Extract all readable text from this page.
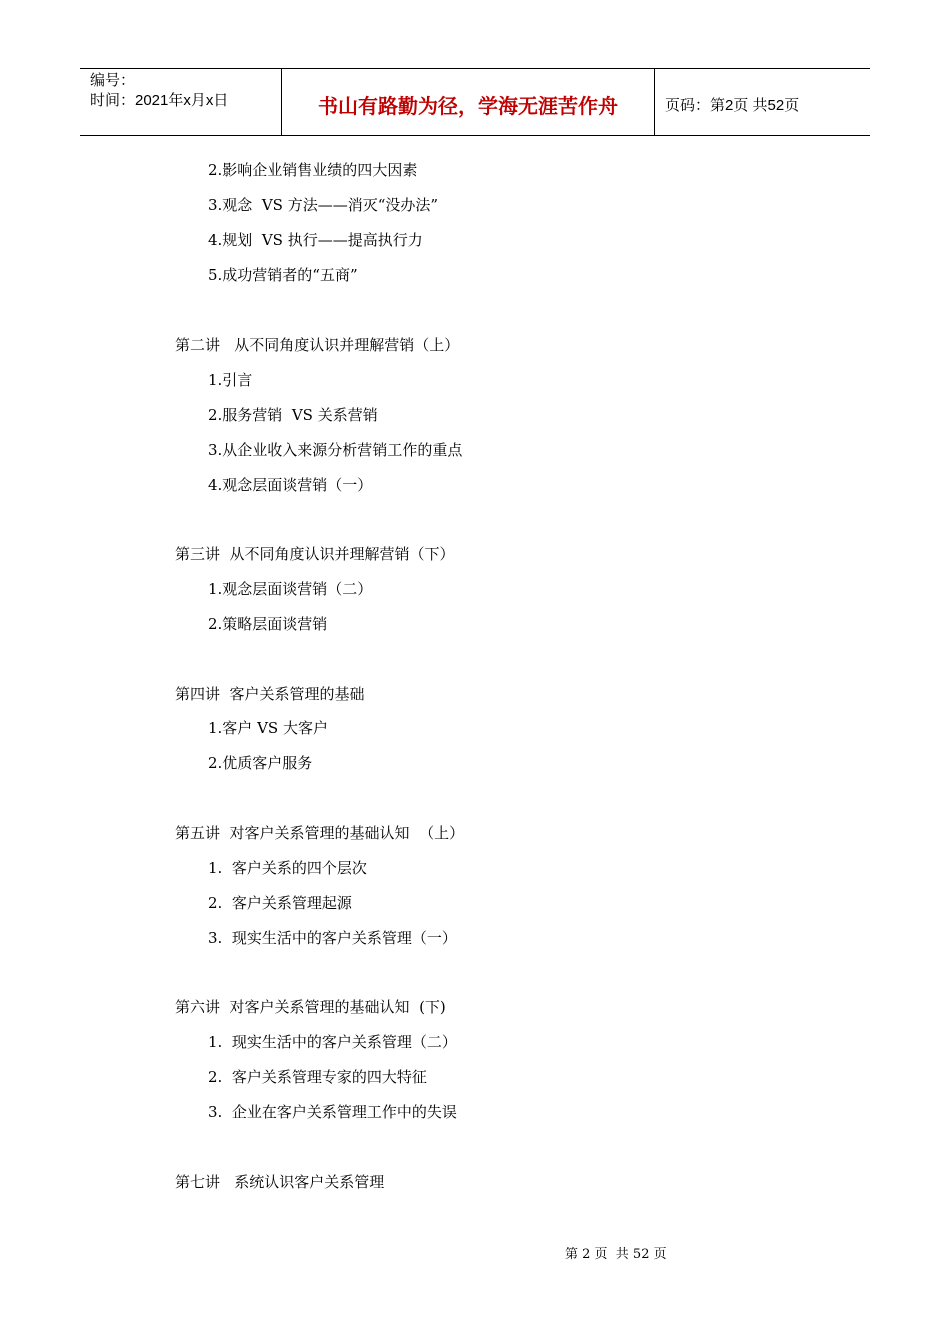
编号：
时间：2021年x月x日	书山有路勤为径，学海无涯苦作舟	页码：第2页 共52页
2.影响企业销售业绩的四大因素
3.观念  VS 方法——消灭“没办法”
4.规划  VS 执行——提高执行力
5.成功营销者的“五商”
第二讲   从不同角度认识并理解营销（上）
1.引言
2.服务营销  VS 关系营销
3.从企业收入来源分析营销工作的重点
4.观念层面谈营销（一）
第三讲  从不同角度认识并理解营销（下）
1.观念层面谈营销（二）
2.策略层面谈营销
第四讲  客户关系管理的基础
1.客户 VS 大客户
2.优质客户服务
第五讲  对客户关系管理的基础认知  （上）
1.  客户关系的四个层次
2.  客户关系管理起源
3.  现实生活中的客户关系管理（一）
第六讲  对客户关系管理的基础认知  (下)
1.  现实生活中的客户关系管理（二）
2.  客户关系管理专家的四大特征
3.  企业在客户关系管理工作中的失误
第七讲   系统认识客户关系管理
第 2 页  共 52 页
